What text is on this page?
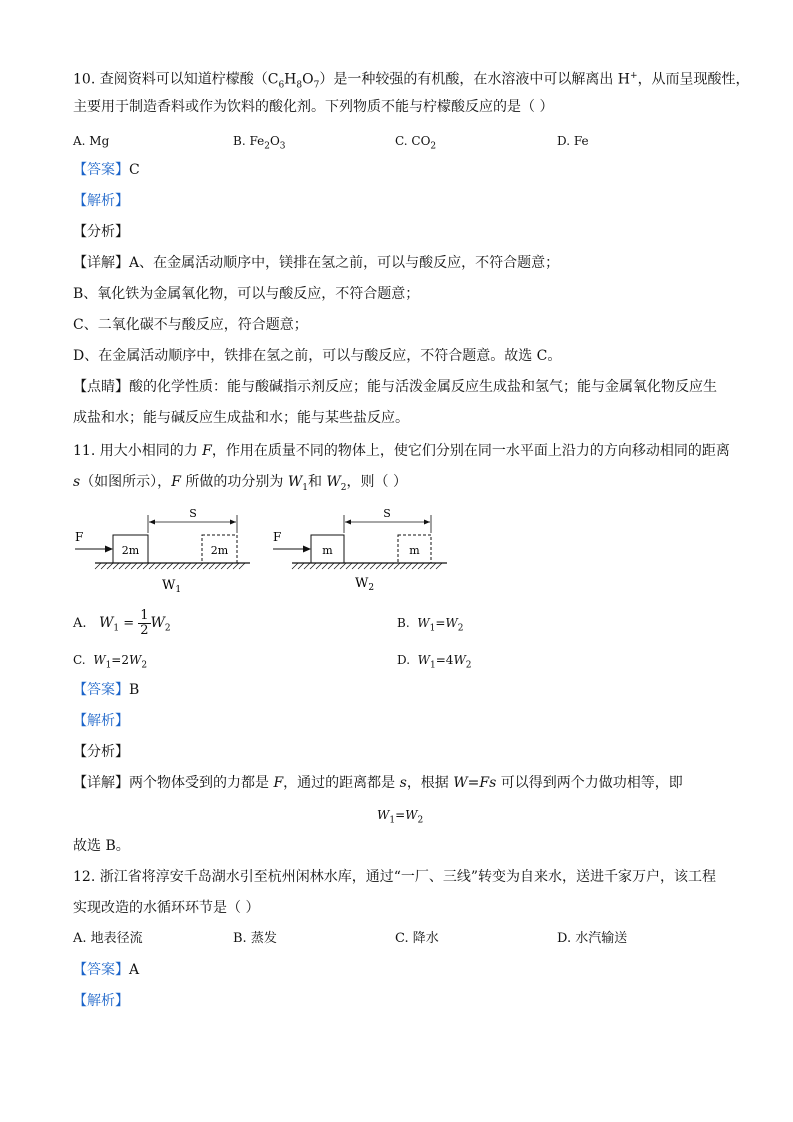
10. 查阅资料可以知道柠檬酸$(C_6H_8O_7)$是一种较强的有机酸，在水溶液中可以解离出 H+，从而呈现酸性，
主要用于制造香料或作为饮料的酸化剂。下列物质不能与柠檬酸反应的是（ ）
A. Mg	B. $Fe_2O_3$	C. $CO_2$	D. Fe
【答案】C
【解析】
【分析】
【详解】A、在金属活动顺序中，镁排在氢之前，可以与酸反应，不符合题意；
B、氧化铁为金属氧化物，可以与酸反应，不符合题意；
C、二氧化碳不与酸反应，符合题意；
D、在金属活动顺序中，铁排在氢之前，可以与酸反应，不符合题意。故选 C。
【点睛】酸的化学性质：能与酸碱指示剂反应；能与活泼金属反应生成盐和氢气；能与金属氧化物反应生
成盐和水；能与碱反应生成盐和水；能与某些盐反应。
11. 用大小相同的力 F，作用在质量不同的物体上，使它们分别在同一水平面上沿力的方向移动相同的距离
s（如图所示），F 所做的功分别为 $W_1$和 $W_2$，则（ ）
F
2m	2m
S
$W_1$
F
m	m
S
$W_2$
A. $W_1 = \frac{1}{2} W_2$	B. $W_1=W_2$
C. $W_1=2W_2$	D. $W_1=4W_2$
【答案】B
【解析】
【分析】
【详解】两个物体受到的力都是 F，通过的距离都是 s，根据 W=Fs 可以得到两个力做功相等，即
$W_1=W_2$
故选 B。
12. 浙江省将淳安千岛湖水引至杭州闲林水库，通过“一厂、三线”转变为自来水，送进千家万户，该工程
实现改造的水循环环节是（ ）
A. 地表径流	B. 蒸发	C. 降水	D. 水汽输送
【答案】A
【解析】
